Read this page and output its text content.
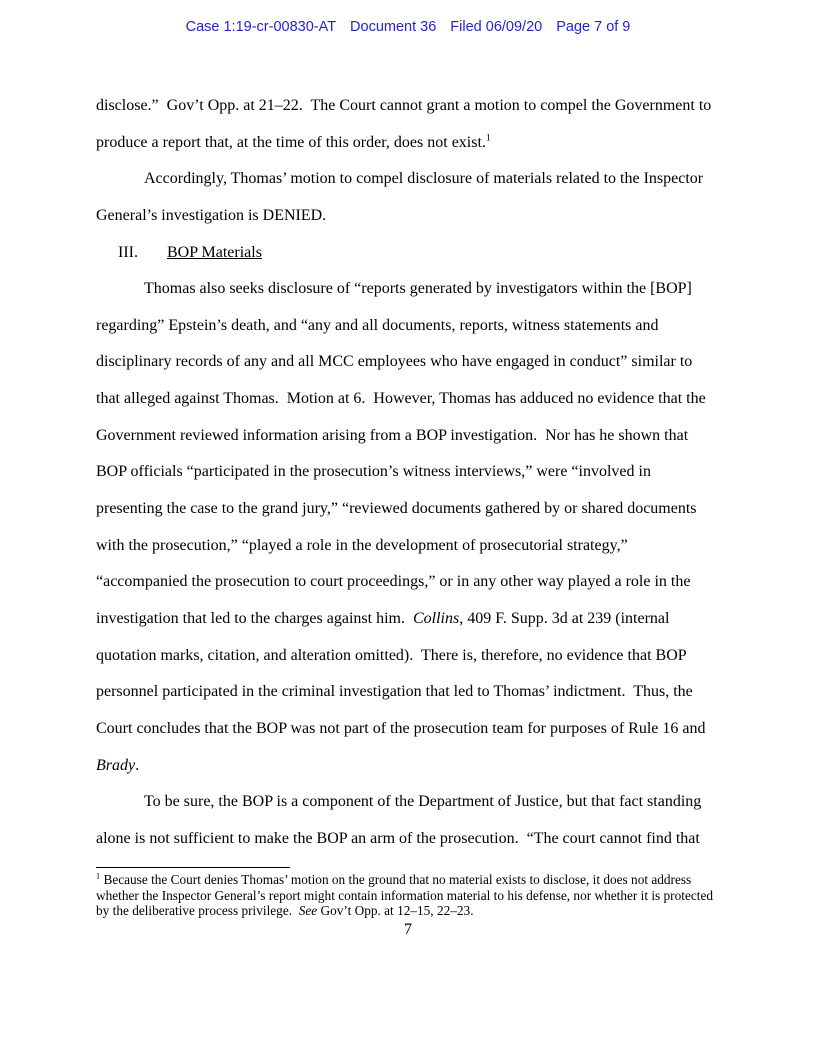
Case 1:19-cr-00830-AT Document 36 Filed 06/09/20 Page 7 of 9
disclose.”  Gov’t Opp. at 21–22.  The Court cannot grant a motion to compel the Government to
produce a report that, at the time of this order, does not exist.$^1$
Accordingly, Thomas’ motion to compel disclosure of materials related to the Inspector
General’s investigation is DENIED.
III. BOP Materials
Thomas also seeks disclosure of “reports generated by investigators within the [BOP]
regarding” Epstein’s death, and “any and all documents, reports, witness statements and
disciplinary records of any and all MCC employees who have engaged in conduct” similar to
that alleged against Thomas.  Motion at 6.  However, Thomas has adduced no evidence that the
Government reviewed information arising from a BOP investigation.  Nor has he shown that
BOP officials “participated in the prosecution’s witness interviews,” were “involved in
presenting the case to the grand jury,” “reviewed documents gathered by or shared documents
with the prosecution,” “played a role in the development of prosecutorial strategy,”
“accompanied the prosecution to court proceedings,” or in any other way played a role in the
investigation that led to the charges against him.  Collins, 409 F. Supp. 3d at 239 (internal
quotation marks, citation, and alteration omitted).  There is, therefore, no evidence that BOP
personnel participated in the criminal investigation that led to Thomas’ indictment.  Thus, the
Court concludes that the BOP was not part of the prosecution team for purposes of Rule 16 and
Brady.
To be sure, the BOP is a component of the Department of Justice, but that fact standing
alone is not sufficient to make the BOP an arm of the prosecution.  “The court cannot find that
$^1$ Because the Court denies Thomas’ motion on the ground that no material exists to disclose, it does not address
whether the Inspector General’s report might contain information material to his defense, nor whether it is protected
by the deliberative process privilege.  See Gov’t Opp. at 12–15, 22–23.
7
